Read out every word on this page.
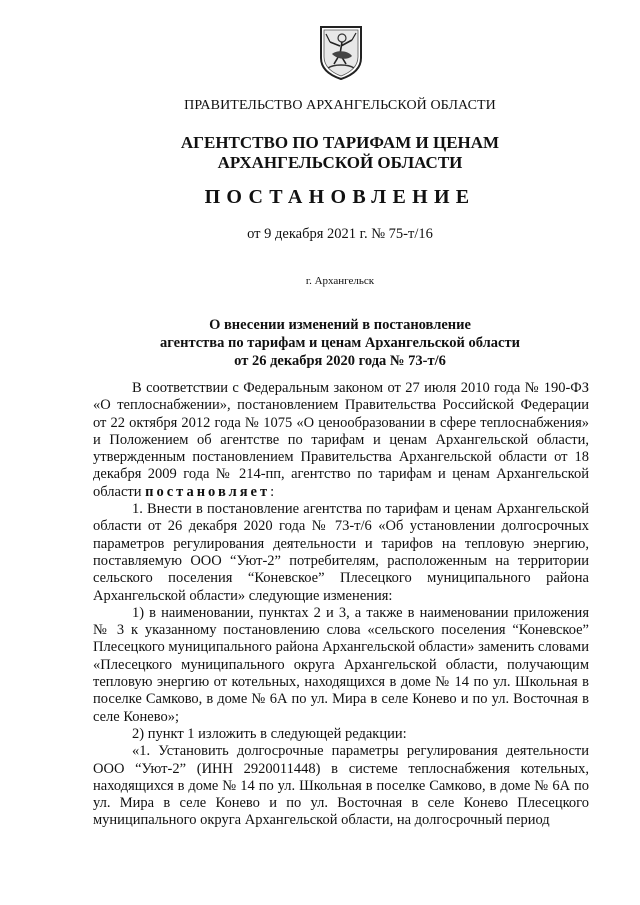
ПРАВИТЕЛЬСТВО АРХАНГЕЛЬСКОЙ ОБЛАСТИ
АГЕНТСТВО ПО ТАРИФАМ И ЦЕНАМ
АРХАНГЕЛЬСКОЙ ОБЛАСТИ
ПОСТАНОВЛЕНИЕ
от 9 декабря 2021 г. № 75-т/16
г. Архангельск
О внесении изменений в постановление
агентства по тарифам и ценам Архангельской области
от 26 декабря 2020 года № 73-т/6

В соответствии с Федеральным законом от 27 июля 2010 года № 190-ФЗ «О теплоснабжении», постановлением Правительства Российской Федерации от 22 октября 2012 года № 1075 «О ценообразовании в сфере теплоснабжения» и Положением об агентстве по тарифам и ценам Архангельской области, утвержденным постановлением Правительства Архангельской области от 18 декабря 2009 года № 214-пп, агентство по тарифам и ценам Архангельской области постановляет:

1. Внести в постановление агентства по тарифам и ценам Архангельской области от 26 декабря 2020 года № 73-т/6 «Об установлении долгосрочных параметров регулирования деятельности и тарифов на тепловую энергию, поставляемую ООО “Уют-2” потребителям, расположенным на территории сельского поселения “Коневское” Плесецкого муниципального района Архангельской области» следующие изменения:

1) в наименовании, пунктах 2 и 3, а также в наименовании приложения № 3 к указанному постановлению слова «сельского поселения “Коневское” Плесецкого муниципального района Архангельской области» заменить словами «Плесецкого муниципального округа Архангельской области, получающим тепловую энергию от котельных, находящихся в доме № 14 по ул. Школьная в поселке Самково, в доме № 6А по ул. Мира в селе Конево и по ул. Восточная в селе Конево»;

2) пункт 1 изложить в следующей редакции:

«1. Установить долгосрочные параметры регулирования деятельности ООО “Уют-2” (ИНН 2920011448) в системе теплоснабжения котельных, находящихся в доме № 14 по ул. Школьная в поселке Самково, в доме № 6А по ул. Мира в селе Конево и по ул. Восточная в селе Конево Плесецкого муниципального округа Архангельской области, на долгосрочный период
